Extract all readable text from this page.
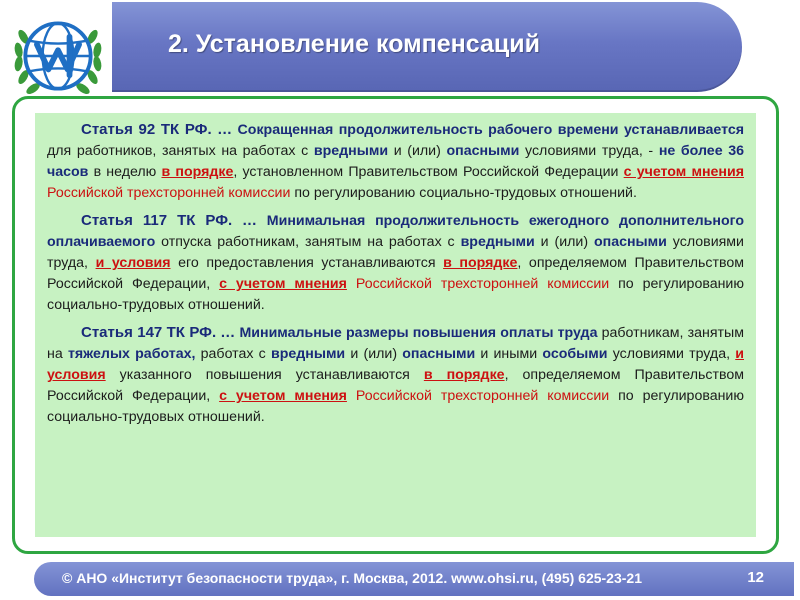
2. Установление компенсаций

Статья 92 ТК РФ. … Сокращенная продолжительность рабочего времени устанавливается для работников, занятых на работах с вредными и (или) опасными условиями труда, - не более 36 часов в неделю в порядке, установленном Правительством Российской Федерации с учетом мнения Российской трехсторонней комиссии по регулированию социально-трудовых отношений.

Статья 117 ТК РФ. … Минимальная продолжительность ежегодного дополнительного оплачиваемого отпуска работникам, занятым на работах с вредными и (или) опасными условиями труда, и условия его предоставления устанавливаются в порядке, определяемом Правительством Российской Федерации, с учетом мнения Российской трехсторонней комиссии по регулированию социально-трудовых отношений.

Статья 147 ТК РФ. … Минимальные размеры повышения оплаты труда работникам, занятым на тяжелых работах, работах с вредными и (или) опасными и иными особыми условиями труда, и условия указанного повышения устанавливаются в порядке, определяемом Правительством Российской Федерации, с учетом мнения Российской трехсторонней комиссии по регулированию социально-трудовых отношений.

© АНО «Институт безопасности труда», г. Москва, 2012. www.ohsi.ru, (495) 625-23-21	12
